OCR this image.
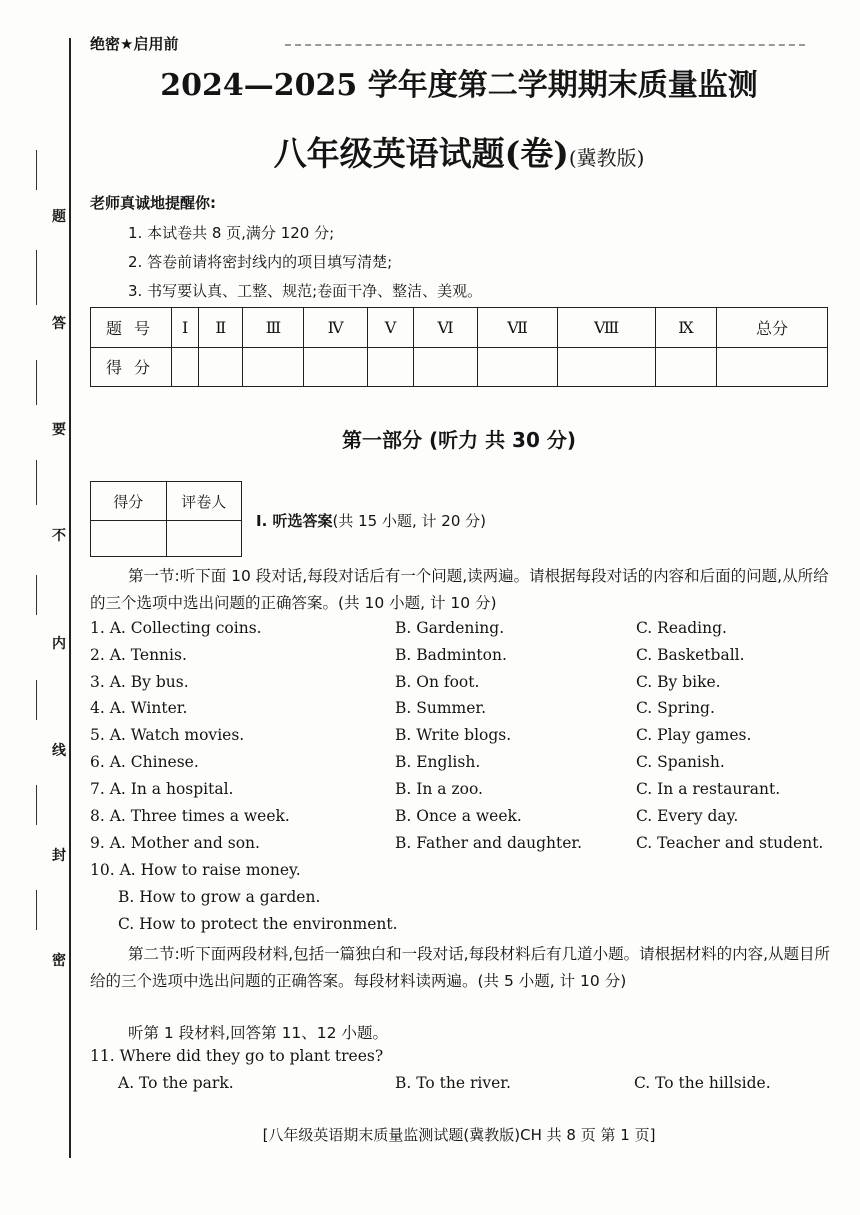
题
答
要
不
内
线
封
密
绝密★启用前
2024—2025 学年度第二学期期末质量监测
八年级英语试题(卷)(冀教版)
老师真诚地提醒你:
1. 本试卷共 8 页,满分 120 分;
2. 答卷前请将密封线内的项目填写清楚;
3. 书写要认真、工整、规范;卷面干净、整洁、美观。
题号	Ⅰ	Ⅱ	Ⅲ	Ⅳ	Ⅴ	Ⅵ	Ⅶ	Ⅷ	Ⅸ	总分
得分										
第一部分 (听力 共 30 分)
得分	评卷人

Ⅰ. 听选答案(共 15 小题, 计 20 分)
第一节:听下面 10 段对话,每段对话后有一个问题,读两遍。请根据每段对话的内容和后面的问题,从所给的三个选项中选出问题的正确答案。(共 10 小题, 计 10 分)
1. A. Collecting coins.	B. Gardening.	C. Reading.
2. A. Tennis.	B. Badminton.	C. Basketball.
3. A. By bus.	B. On foot.	C. By bike.
4. A. Winter.	B. Summer.	C. Spring.
5. A. Watch movies.	B. Write blogs.	C. Play games.
6. A. Chinese.	B. English.	C. Spanish.
7. A. In a hospital.	B. In a zoo.	C. In a restaurant.
8. A. Three times a week.	B. Once a week.	C. Every day.
9. A. Mother and son.	B. Father and daughter.	C. Teacher and student.
10. A. How to raise money.
B. How to grow a garden.
C. How to protect the environment.
第二节:听下面两段材料,包括一篇独白和一段对话,每段材料后有几道小题。请根据材料的内容,从题目所给的三个选项中选出问题的正确答案。每段材料读两遍。(共 5 小题, 计 10 分)
听第 1 段材料,回答第 11、12 小题。
11. Where did they go to plant trees?
A. To the park.	B. To the river.	C. To the hillside.
[八年级英语期末质量监测试题(冀教版)CH 共 8 页 第 1 页]
